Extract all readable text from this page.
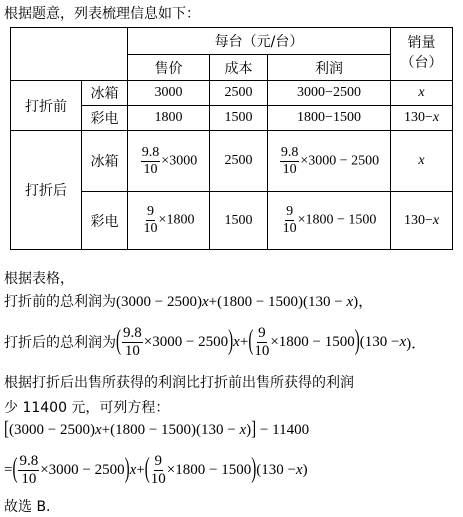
根据题意，列表梳理信息如下：
		每台（元/台）			销量
（台）
		售价	成本	利润	
打折前	冰箱	3000	2500	3000−2500	x
	彩电	1800	1500	1800−1500	130−x
打折后	冰箱	$\frac{9.8}{10} \times 3000$	2500	$\frac{9.8}{10} \times 3000 - 2500$	x
	彩电	$\frac{9}{10} \times 1800$	1500	$\frac{9}{10} \times 1800 - 1500$	130−x
根据表格，
打折前的总利润为(3000 − 2500)x+(1800 − 1500)(130 − x)，
打折后的总利润为 ( $\frac{9.8}{10} \times 3000 - 2500$ ) x + ( $\frac{9}{10} \times 1800 - 1500$ ) (130 − x )．
根据打折后出售所获得的利润比打折前出售所获得的利润
少 11400 元，可列方程：
[(3000 − 2500)x+(1800 − 1500)(130 − x)] − 11400
= ( $\frac{9.8}{10} \times 3000 - 2500$ ) x + ( $\frac{9}{10} \times 1800 - 1500$ ) (130 − x )
故选 B.
